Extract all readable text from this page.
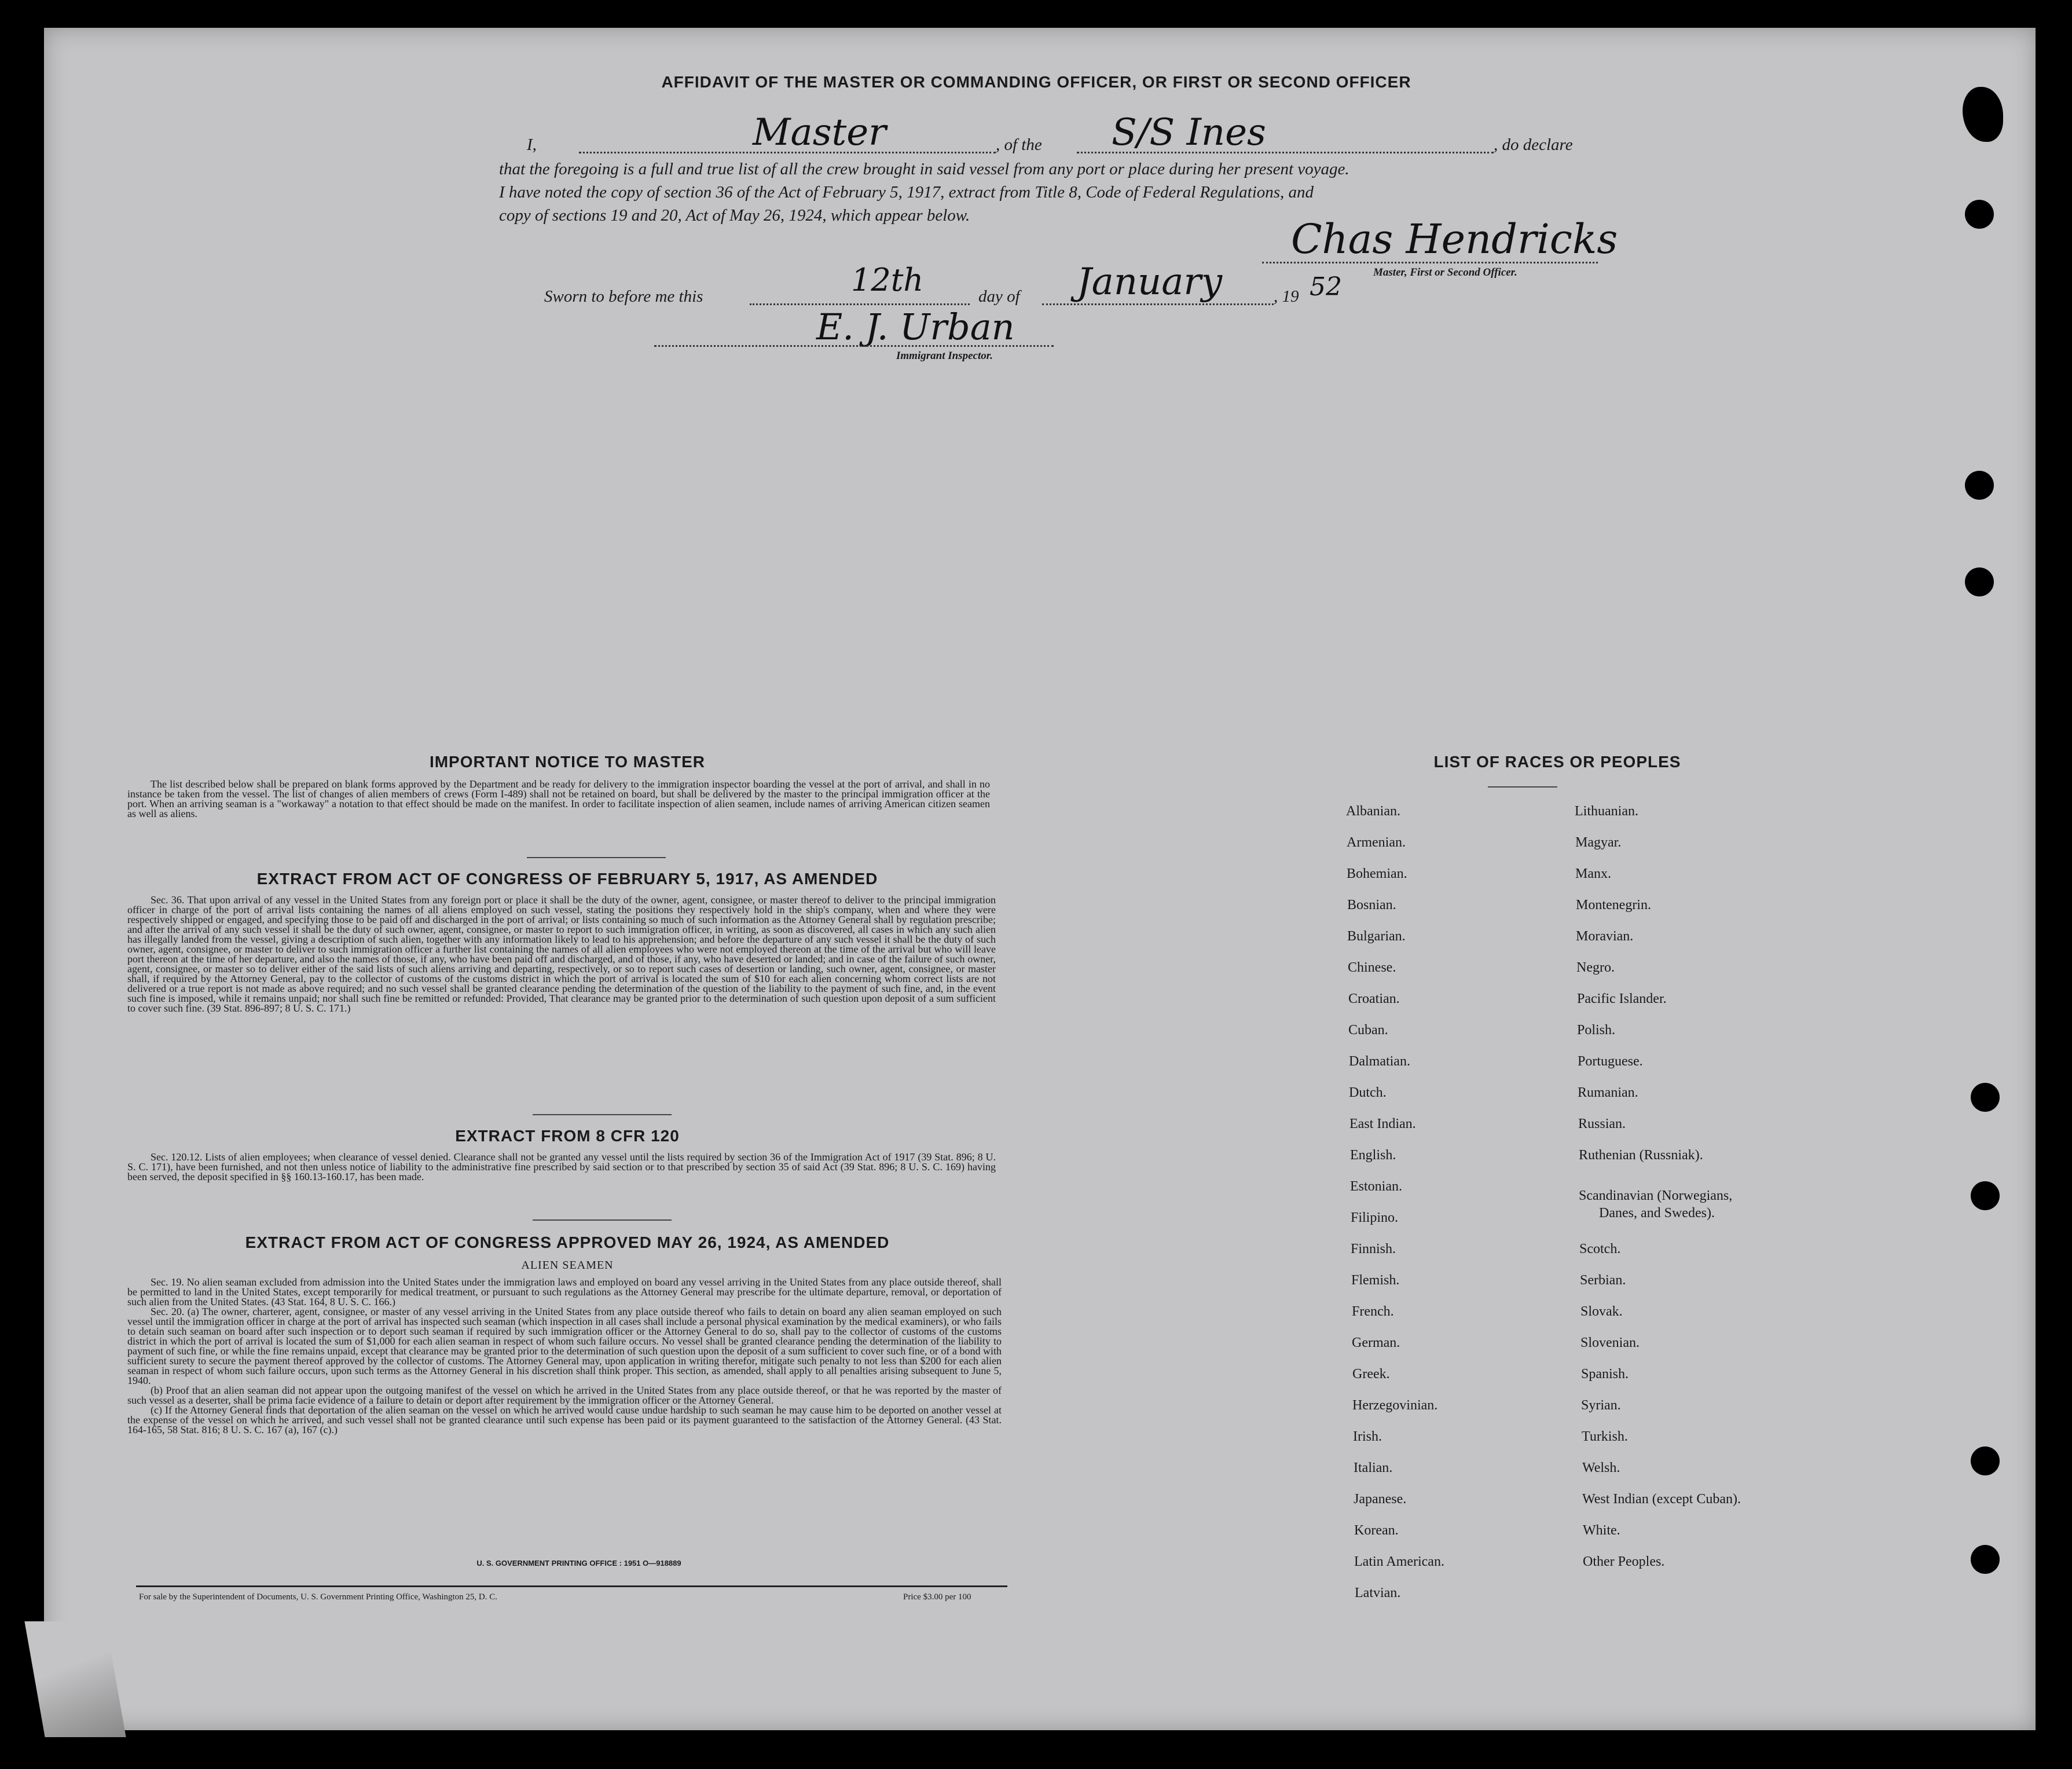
AFFIDAVIT OF THE MASTER OR COMMANDING OFFICER, OR FIRST OR SECOND OFFICER
I,	Master	, of the S/S Ines	, do declare
that the foregoing is a full and true list of all the crew brought in said vessel from any port or place during her present voyage.
I have noted the copy of section 36 of the Act of February 5, 1917, extract from Title 8, Code of Federal Regulations, and
copy of sections 19 and 20, Act of May 26, 1924, which appear below.	Chas Hendricks
Master, First or Second Officer.
Sworn to before me this	12th	day of January	, 19 52
E. J. Urban
Immigrant Inspector.
IMPORTANT NOTICE TO MASTER

The list described below shall be prepared on blank forms approved by the Department and be ready for delivery to the immigration inspector boarding the vessel at the port of arrival, and shall in no instance be taken from the vessel. The list of changes of alien members of crews (Form I-489) shall not be retained on board, but shall be delivered by the master to the principal immigration officer at the port. When an arriving seaman is a "workaway" a notation to that effect should be made on the manifest. In order to facilitate inspection of alien seamen, include names of arriving American citizen seamen as well as aliens.

EXTRACT FROM ACT OF CONGRESS OF FEBRUARY 5, 1917, AS AMENDED

Sec. 36. That upon arrival of any vessel in the United States from any foreign port or place it shall be the duty of the owner, agent, consignee, or master thereof to deliver to the principal immigration officer in charge of the port of arrival lists containing the names of all aliens employed on such vessel, stating the positions they respectively hold in the ship's company, when and where they were respectively shipped or engaged, and specifying those to be paid off and discharged in the port of arrival; or lists containing so much of such information as the Attorney General shall by regulation prescribe; and after the arrival of any such vessel it shall be the duty of such owner, agent, consignee, or master to report to such immigration officer, in writing, as soon as discovered, all cases in which any such alien has illegally landed from the vessel, giving a description of such alien, together with any information likely to lead to his apprehension; and before the departure of any such vessel it shall be the duty of such owner, agent, consignee, or master to deliver to such immigration officer a further list containing the names of all alien employees who were not employed thereon at the time of the arrival but who will leave port thereon at the time of her departure, and also the names of those, if any, who have been paid off and discharged, and of those, if any, who have deserted or landed; and in case of the failure of such owner, agent, consignee, or master so to deliver either of the said lists of such aliens arriving and departing, respectively, or so to report such cases of desertion or landing, such owner, agent, consignee, or master shall, if required by the Attorney General, pay to the collector of customs of the customs district in which the port of arrival is located the sum of $10 for each alien concerning whom correct lists are not delivered or a true report is not made as above required; and no such vessel shall be granted clearance pending the determination of the question of the liability to the payment of such fine, and, in the event such fine is imposed, while it remains unpaid; nor shall such fine be remitted or refunded: Provided, That clearance may be granted prior to the determination of such question upon deposit of a sum sufficient to cover such fine. (39 Stat. 896-897; 8 U. S. C. 171.)

EXTRACT FROM 8 CFR 120

Sec. 120.12. Lists of alien employees; when clearance of vessel denied. Clearance shall not be granted any vessel until the lists required by section 36 of the Immigration Act of 1917 (39 Stat. 896; 8 U. S. C. 171), have been furnished, and not then unless notice of liability to the administrative fine prescribed by said section or to that prescribed by section 35 of said Act (39 Stat. 896; 8 U. S. C. 169) having been served, the deposit specified in §§ 160.13-160.17, has been made.

EXTRACT FROM ACT OF CONGRESS APPROVED MAY 26, 1924, AS AMENDED
ALIEN SEAMEN

Sec. 19. No alien seaman excluded from admission into the United States under the immigration laws and employed on board any vessel arriving in the United States from any place outside thereof, shall be permitted to land in the United States, except temporarily for medical treatment, or pursuant to such regulations as the Attorney General may prescribe for the ultimate departure, removal, or deportation of such alien from the United States. (43 Stat. 164, 8 U. S. C. 166.)

Sec. 20. (a) The owner, charterer, agent, consignee, or master of any vessel arriving in the United States from any place outside thereof who fails to detain on board any alien seaman employed on such vessel until the immigration officer in charge at the port of arrival has inspected such seaman (which inspection in all cases shall include a personal physical examination by the medical examiners), or who fails to detain such seaman on board after such inspection or to deport such seaman if required by such immigration officer or the Attorney General to do so, shall pay to the collector of customs of the customs district in which the port of arrival is located the sum of $1,000 for each alien seaman in respect of whom such failure occurs. No vessel shall be granted clearance pending the determination of the liability to payment of such fine, or while the fine remains unpaid, except that clearance may be granted prior to the determination of such question upon the deposit of a sum sufficient to cover such fine, or of a bond with sufficient surety to secure the payment thereof approved by the collector of customs. The Attorney General may, upon application in writing therefor, mitigate such penalty to not less than $200 for each alien seaman in respect of whom such failure occurs, upon such terms as the Attorney General in his discretion shall think proper. This section, as amended, shall apply to all penalties arising subsequent to June 5, 1940.

(b) Proof that an alien seaman did not appear upon the outgoing manifest of the vessel on which he arrived in the United States from any place outside thereof, or that he was reported by the master of such vessel as a deserter, shall be prima facie evidence of a failure to detain or deport after requirement by the immigration officer or the Attorney General.

(c) If the Attorney General finds that deportation of the alien seaman on the vessel on which he arrived would cause undue hardship to such seaman he may cause him to be deported on another vessel at the expense of the vessel on which he arrived, and such vessel shall not be granted clearance until such expense has been paid or its payment guaranteed to the satisfaction of the Attorney General. (43 Stat. 164-165, 58 Stat. 816; 8 U. S. C. 167 (a), 167 (c).)

U. S. GOVERNMENT PRINTING OFFICE : 1951 O—918889
For sale by the Superintendent of Documents, U. S. Government Printing Office, Washington 25, D. C.	Price $3.00 per 100
LIST OF RACES OR PEOPLES
Albanian.
Armenian.
Bohemian.
Bosnian.
Bulgarian.
Chinese.
Croatian.
Cuban.
Dalmatian.
Dutch.
East Indian.
English.
Estonian.
Filipino.
Finnish.
Flemish.
French.
German.
Greek.
Herzegovinian.
Irish.
Italian.
Japanese.
Korean.
Latin American.
Latvian.
Lithuanian.
Magyar.
Manx.
Montenegrin.
Moravian.
Negro.
Pacific Islander.
Polish.
Portuguese.
Rumanian.
Russian.
Ruthenian (Russniak).
Scandinavian (Norwegians,
Danes, and Swedes).
Scotch.
Serbian.
Slovak.
Slovenian.
Spanish.
Syrian.
Turkish.
Welsh.
West Indian (except Cuban).
White.
Other Peoples.
